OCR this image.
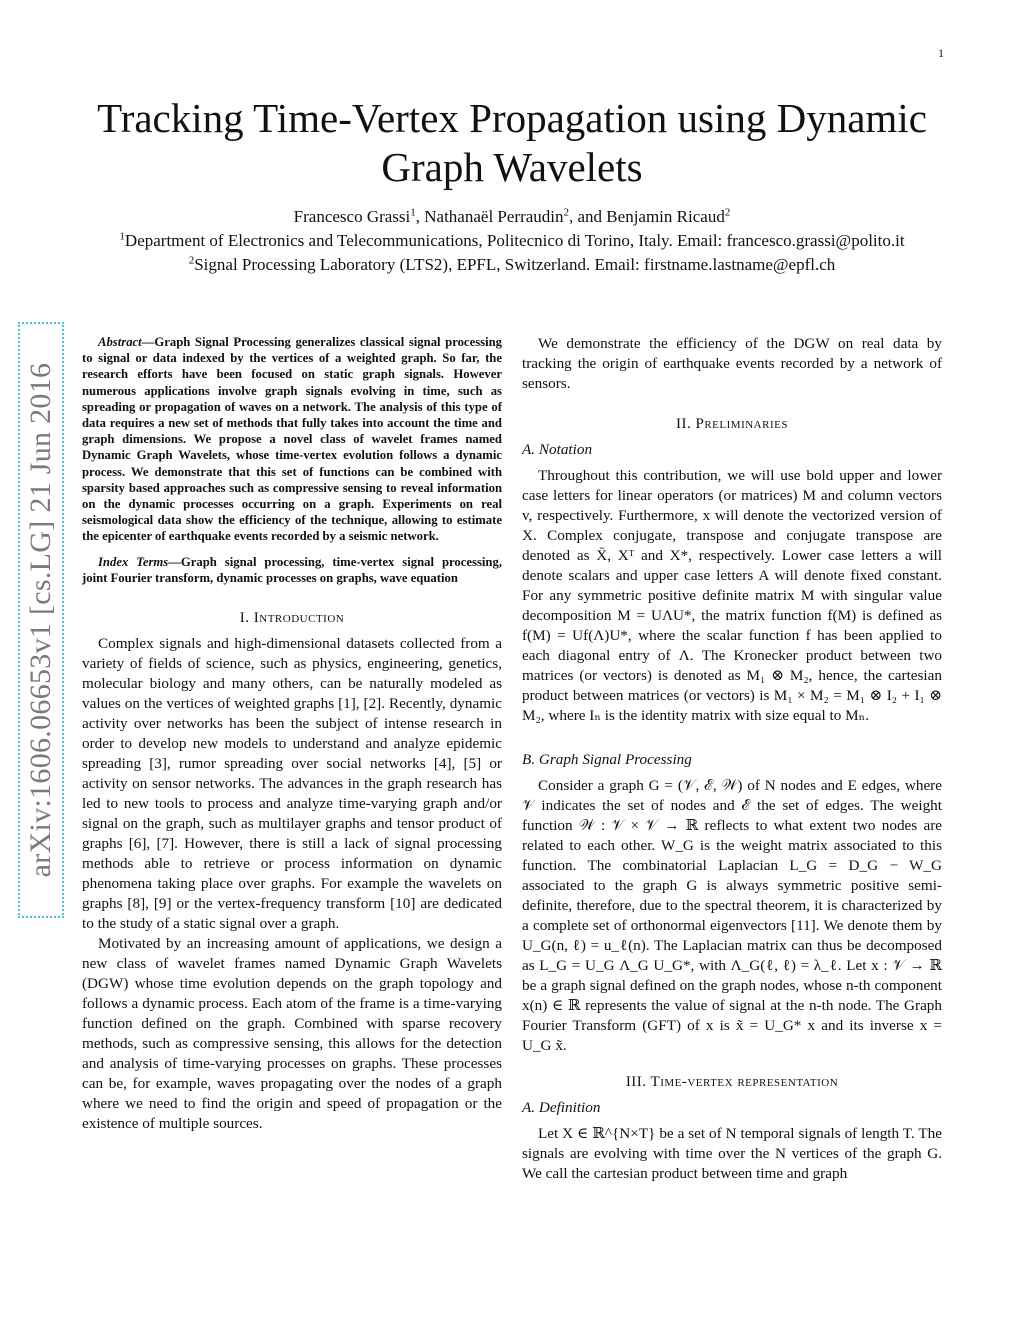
1
arXiv:1606.06653v1 [cs.LG] 21 Jun 2016
Tracking Time-Vertex Propagation using Dynamic Graph Wavelets

Francesco Grassi$^1$, Nathanaël Perraudin$^2$, and Benjamin Ricaud$^2$

$^1$Department of Electronics and Telecommunications, Politecnico di Torino, Italy. Email: francesco.grassi@polito.it

$^2$Signal Processing Laboratory (LTS2), EPFL, Switzerland. Email: firstname.lastname@epfl.ch

Abstract—Graph Signal Processing generalizes classical signal processing to signal or data indexed by the vertices of a weighted graph. So far, the research efforts have been focused on static graph signals. However numerous applications involve graph signals evolving in time, such as spreading or propagation of waves on a network. The analysis of this type of data requires a new set of methods that fully takes into account the time and graph dimensions. We propose a novel class of wavelet frames named Dynamic Graph Wavelets, whose time-vertex evolution follows a dynamic process. We demonstrate that this set of functions can be combined with sparsity based approaches such as compressive sensing to reveal information on the dynamic processes occurring on a graph. Experiments on real seismological data show the efficiency of the technique, allowing to estimate the epicenter of earthquake events recorded by a seismic network.

Index Terms—Graph signal processing, time-vertex signal processing, joint Fourier transform, dynamic processes on graphs, wave equation

I. Introduction

Complex signals and high-dimensional datasets collected from a variety of fields of science, such as physics, engineering, genetics, molecular biology and many others, can be naturally modeled as values on the vertices of weighted graphs [1], [2]. Recently, dynamic activity over networks has been the subject of intense research in order to develop new models to understand and analyze epidemic spreading [3], rumor spreading over social networks [4], [5] or activity on sensor networks. The advances in the graph research has led to new tools to process and analyze time-varying graph and/or signal on the graph, such as multilayer graphs and tensor product of graphs [6], [7]. However, there is still a lack of signal processing methods able to retrieve or process information on dynamic phenomena taking place over graphs. For example the wavelets on graphs [8], [9] or the vertex-frequency transform [10] are dedicated to the study of a static signal over a graph.

Motivated by an increasing amount of applications, we design a new class of wavelet frames named Dynamic Graph Wavelets (DGW) whose time evolution depends on the graph topology and follows a dynamic process. Each atom of the frame is a time-varying function defined on the graph. Combined with sparse recovery methods, such as compressive sensing, this allows for the detection and analysis of time-varying processes on graphs. These processes can be, for example, waves propagating over the nodes of a graph where we need to find the origin and speed of propagation or the existence of multiple sources.

We demonstrate the efficiency of the DGW on real data by tracking the origin of earthquake events recorded by a network of sensors.

II. Preliminaries
A. Notation

Throughout this contribution, we will use bold upper and lower case letters for linear operators (or matrices) M and column vectors v, respectively. Furthermore, x will denote the vectorized version of X. Complex conjugate, transpose and conjugate transpose are denoted as X̄, Xᵀ and X*, respectively. Lower case letters a will denote scalars and upper case letters A will denote fixed constant. For any symmetric positive definite matrix M with singular value decomposition M = UΛU*, the matrix function f(M) is defined as f(M) = Uf(Λ)U*, where the scalar function f has been applied to each diagonal entry of Λ. The Kronecker product between two matrices (or vectors) is denoted as M₁ ⊗ M₂, hence, the cartesian product between matrices (or vectors) is M₁ × M₂ = M₁ ⊗ I₂ + I₁ ⊗ M₂, where Iₙ is the identity matrix with size equal to Mₙ.

B. Graph Signal Processing

Consider a graph G = (𝒱, ℰ, 𝒲) of N nodes and E edges, where 𝒱 indicates the set of nodes and ℰ the set of edges. The weight function 𝒲 : 𝒱 × 𝒱 → ℝ reflects to what extent two nodes are related to each other. W_G is the weight matrix associated to this function. The combinatorial Laplacian L_G = D_G − W_G associated to the graph G is always symmetric positive semi-definite, therefore, due to the spectral theorem, it is characterized by a complete set of orthonormal eigenvectors [11]. We denote them by U_G(n, ℓ) = u_ℓ(n). The Laplacian matrix can thus be decomposed as L_G = U_G Λ_G U_G*, with Λ_G(ℓ, ℓ) = λ_ℓ. Let x : 𝒱 → ℝ be a graph signal defined on the graph nodes, whose n-th component x(n) ∈ ℝ represents the value of signal at the n-th node. The Graph Fourier Transform (GFT) of x is x̃ = U_G* x and its inverse x = U_G x̃.

III. Time-vertex representation
A. Definition

Let X ∈ ℝ^{N×T} be a set of N temporal signals of length T. The signals are evolving with time over the N vertices of the graph G. We call the cartesian product between time and graph
